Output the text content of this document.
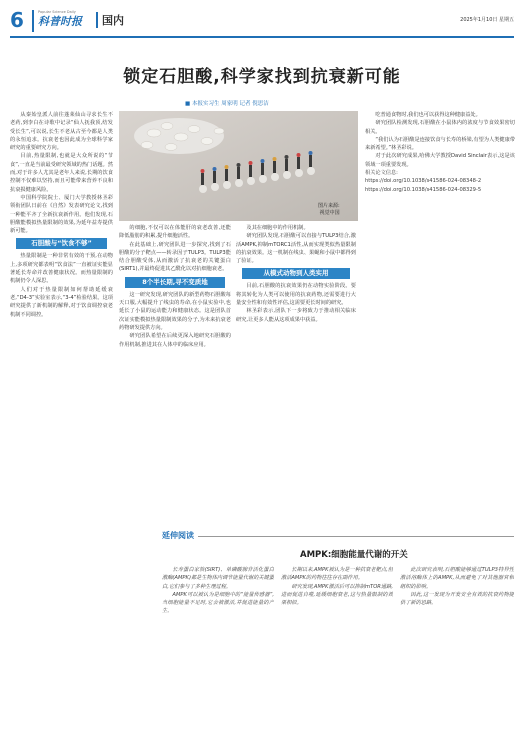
6	Popular Science Daily
科普时报	国内	2025年1月10日 星期五
锁定石胆酸,科学家找到抗衰新可能
■ 本报实习生 周家明 记者 倪思洁

从秦始皇派人前往蓬莱仙山寻求长生不老药,到李白在诗歌中记录“仙人抚我顶,结发受长生”,可以说,长生不老从古至今都是人类的永恒追求。抗衰老也因此成为全球科学家研究的重要研究方向。

目前,热量限制,也就是大众所说的“节食”,一直是当前最受研究领域的热门话题。然而,对于许多人尤其是老年人来说,长期的饮食控制不仅难以坚持,而且可能带来营养不良和抗衰损健康风险。

中国科学院院士、厦门大学教授林圣彩领衔团队日前在《自然》发表研究论文,找到一种能平齐了全新抗衰新作用。他们发现,石胆酸能模拟热量限制的效果,为延年益寿提供新可能。

石胆酸与“饮食不够”

热量限制是一种非常有效的干预,在动物上,多项研究都表明“饮食法”一直被证实能显著延长寿命并改善健康状况。而热量限制的机制仍令人深思。

人们对于热量限制如何帮助延缓衰老,“D4-3”实验室表示,“3-4”检验结果。这项研究提供了新机制的解释,对于饮食调控衰老机制不同调控。

图片来源:
视觉中国

的细胞,不仅可以在体能肝的衰老改善,还能降低脂肪的积累,提升细胞活性。

在此基础上,研究团队进一步探究,找到了石胆酸的分子靶点——转录因子TULP3。TULP3能结合胆酸受体,从而激活了抗衰老的关键蛋白(SIRT1),并最终促进其乙酰化以对抗细胞衰老。

8个半长期,寻不变质地

这一研究发现,研究团队的新型药物石胆酸每天口服,大幅提升了线虫的寿命,在小鼠实验中,也延长了小鼠的运动能力和健康状态。这是团队首次证实能模拟热量限制效果的分子,为未来抗衰老药物研发提供方向。

研究团队希望在后续更深入地研究石胆酸的作用机制,推进其在人体中的临床应用。

及其在细胞中的作用机制。

研究团队发现,石胆酸可以直接与TULP3结合,激活AMPK,抑制mTORC1活性,从而实现类似热量限制的抗衰效果。这一机制在线虫、果蝇和小鼠中都得到了验证。

从模式动物到人类实用

目前,石胆酸的抗衰效果仍在动物实验阶段。要将其转化为人类可以使用的抗衰药物,还需要进行大量安全性和有效性评估,这需要更长时间的研究。

林圣彩表示,团队下一步将致力于推动相关临床研究,让更多人能从这项成果中获益。

吃普通食物时,我们也可以获得这种健康益处。

研究团队检测发现,石胆酸在小鼠体内的浓度与节食效果密切相关。

“我们认为石胆酸是连接饮食与长寿的桥梁,有望为人类健康带来新希望。”林圣彩说。

对于此次研究成果,哈佛大学教授David Sinclair表示,这是该领域一项重要发现。

相关论文信息:
https://doi.org/10.1038/s41586-024-08348-2
https://doi.org/10.1038/s41586-024-08329-5
延伸阅读
AMPK:细胞能量代谢的开关

长寿蛋白家族(SIRT)、单磷酸腺苷活化蛋白激酶(AMPK)都是生物体内调节能量代谢的关键蛋白,它们参与了多种生理过程。

AMPK可以被认为是细胞中的“能量传感器”,当细胞能量不足时,它会被激活,并促进能量的产生。

长期以来,AMPK被认为是一种抗衰老靶点,但激活AMPK的药物往往存在副作用。

研究发现,AMPK激活后可以抑制mTOR通路,进而促进自噬,延缓细胞衰老,这与热量限制的效果相似。

此次研究表明,石胆酸能够通过TULP3特异性激活溶酶体上的AMPK,从而避免了对其他器官和组织的影响。

因此,这一发现为开发安全有效的抗衰药物提供了新的思路。
